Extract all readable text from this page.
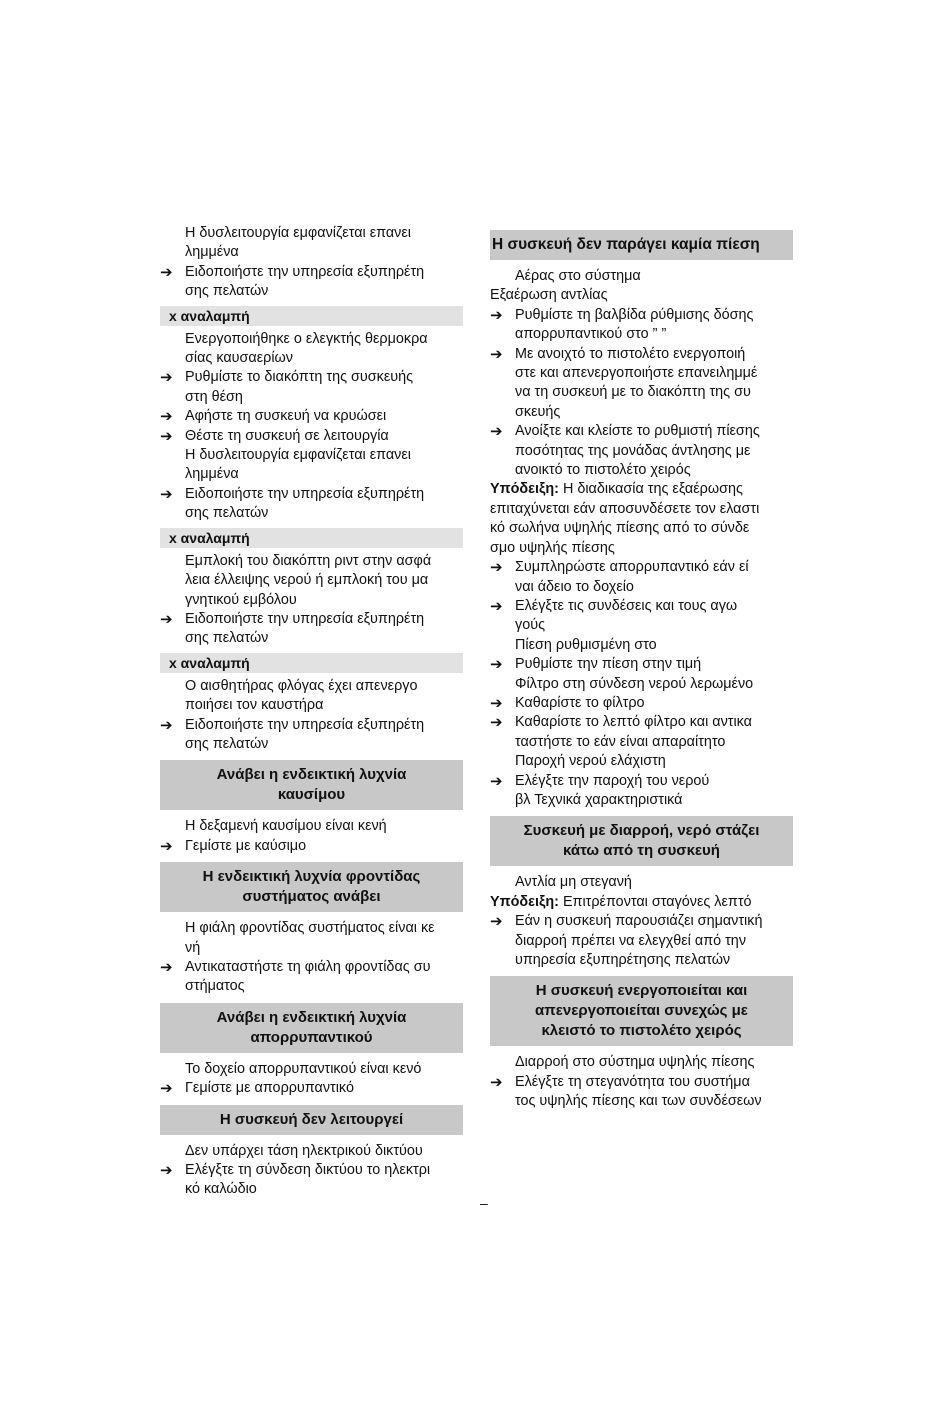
Η δυσλειτουργία εμφανίζεται επανει
λημμένα
➔ Ειδοποιήστε την υπηρεσία εξυπηρέτη
σης πελατών
x αναλαμπή
Ενεργοποιήθηκε ο ελεγκτής θερμοκρα
σίας καυσαερίων
➔ Ρυθμίστε το διακόπτη της συσκευής
στη θέση
➔ Αφήστε τη συσκευή να κρυώσει
➔ Θέστε τη συσκευή σε λειτουργία
Η δυσλειτουργία εμφανίζεται επανει
λημμένα
➔ Ειδοποιήστε την υπηρεσία εξυπηρέτη
σης πελατών
x αναλαμπή
Εμπλοκή του διακόπτη ριντ στην ασφά
λεια έλλειψης νερού ή εμπλοκή του μα
γνητικού εμβόλου
➔ Ειδοποιήστε την υπηρεσία εξυπηρέτη
σης πελατών
x αναλαμπή
Ο αισθητήρας φλόγας έχει απενεργο
ποιήσει τον καυστήρα
➔ Ειδοποιήστε την υπηρεσία εξυπηρέτη
σης πελατών
Ανάβει η ενδεικτική λυχνία
καυσίμου
Η δεξαμενή καυσίμου είναι κενή
➔ Γεμίστε με καύσιμο
Η ενδεικτική λυχνία φροντίδας
συστήματος ανάβει
Η φιάλη φροντίδας συστήματος είναι κε
νή
➔ Αντικαταστήστε τη φιάλη φροντίδας συ
στήματος
Ανάβει η ενδεικτική λυχνία
απορρυπαντικού
Το δοχείο απορρυπαντικού είναι κενό
➔ Γεμίστε με απορρυπαντικό
Η συσκευή δεν λειτουργεί
Δεν υπάρχει τάση ηλεκτρικού δικτύου
➔ Ελέγξτε τη σύνδεση δικτύου το ηλεκτρι
κό καλώδιο
Η συσκευή δεν παράγει καμία πίεση
Αέρας στο σύστημα
Εξαέρωση αντλίας
➔ Ρυθμίστε τη βαλβίδα ρύθμισης δόσης
απορρυπαντικού στο ” ”
➔ Με ανοιχτό το πιστολέτο ενεργοποιή
στε και απενεργοποιήστε επανειλημμέ
να τη συσκευή με το διακόπτη της συ
σκευής
➔ Ανοίξτε και κλείστε το ρυθμιστή πίεσης
ποσότητας της μονάδας άντλησης με
ανοικτό το πιστολέτο χειρός
Υπόδειξη: Η διαδικασία της εξαέρωσης
επιταχύνεται εάν αποσυνδέσετε τον ελαστι
κό σωλήνα υψηλής πίεσης από το σύνδε
σμο υψηλής πίεσης
➔ Συμπληρώστε απορρυπαντικό εάν εί
ναι άδειο το δοχείο
➔ Ελέγξτε τις συνδέσεις και τους αγω
γούς
Πίεση ρυθμισμένη στο
➔ Ρυθμίστε την πίεση στην τιμή
Φίλτρο στη σύνδεση νερού λερωμένο
➔ Καθαρίστε το φίλτρο
➔ Καθαρίστε το λεπτό φίλτρο και αντικα
ταστήστε το εάν είναι απαραίτητο
Παροχή νερού ελάχιστη
➔ Ελέγξτε την παροχή του νερού
βλ Τεχνικά χαρακτηριστικά
Συσκευή με διαρροή, νερό στάζει
κάτω από τη συσκευή
Αντλία μη στεγανή
Υπόδειξη: Επιτρέπονται σταγόνες λεπτό
➔ Εάν η συσκευή παρουσιάζει σημαντική
διαρροή πρέπει να ελεγχθεί από την
υπηρεσία εξυπηρέτησης πελατών
Η συσκευή ενεργοποιείται και
απενεργοποιείται συνεχώς με
κλειστό το πιστολέτο χειρός
Διαρροή στο σύστημα υψηλής πίεσης
➔ Ελέγξτε τη στεγανότητα του συστήμα
τος υψηλής πίεσης και των συνδέσεων
–
